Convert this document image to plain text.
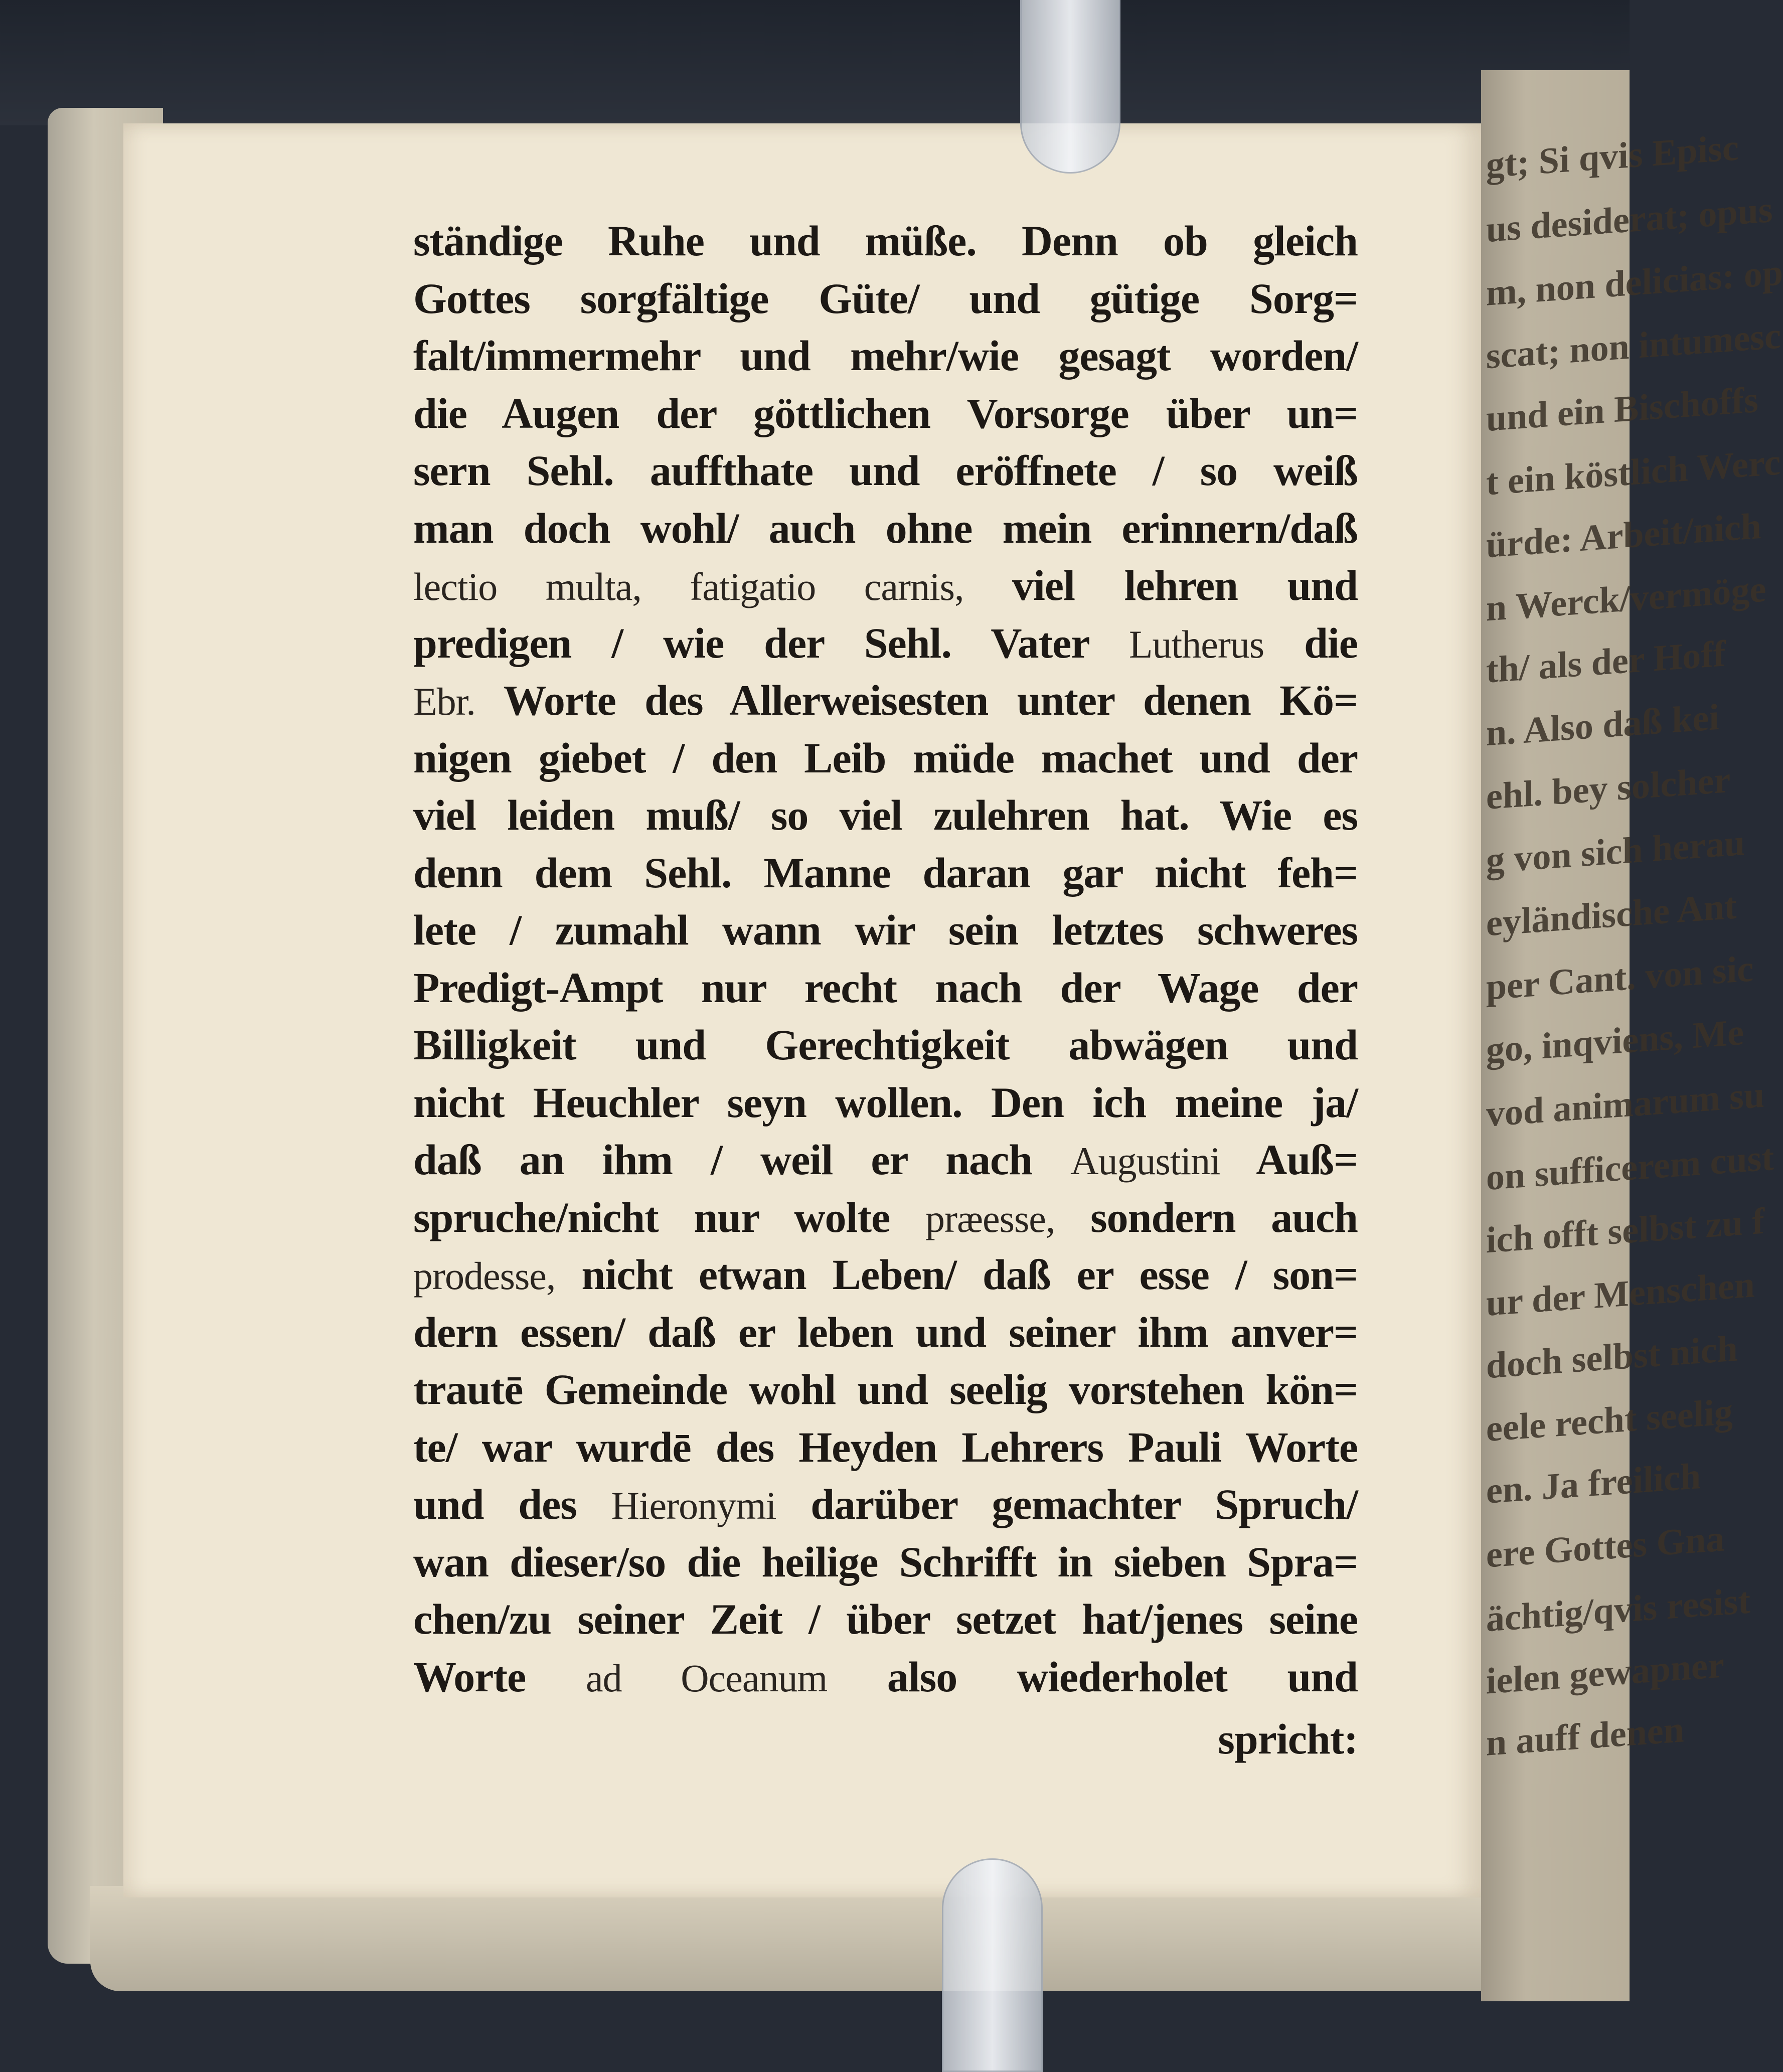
spricht:
ständige Ruhe und müße. Denn ob gleich
Gottes sorgfältige Güte/ und gütige Sorg=
falt/immermehr und mehr/wie gesagt worden/
die Augen der göttlichen Vorsorge über un=
sern Sehl. auffthate und eröffnete / so weiß
man doch wohl/ auch ohne mein erinnern/daß
lectio multa, fatigatio carnis, viel lehren und
predigen / wie der Sehl. Vater Lutherus die
Ebr. Worte des Allerweisesten unter denen Kö=
nigen giebet / den Leib müde machet und der
viel leiden muß/ so viel zulehren hat. Wie es
denn dem Sehl. Manne daran gar nicht feh=
lete / zumahl wann wir sein letztes schweres
Predigt-Ampt nur recht nach der Wage der
Billigkeit und Gerechtigkeit abwägen und
nicht Heuchler seyn wollen. Den ich meine ja/
daß an ihm / weil er nach Augustini Auß=
spruche/nicht nur wolte præesse, sondern auch
prodesse, nicht etwan Leben/ daß er esse / son=
dern essen/ daß er leben und seiner ihm anver=
trautē Gemeinde wohl und seelig vorstehen kön=
te/ war wurdē des Heyden Lehrers Pauli Worte
und des Hieronymi darüber gemachter Spruch/
wan dieser/so die heilige Schrifft in sieben Spra=
chen/zu seiner Zeit / über setzet hat/jenes seine
Worte ad Oceanum also wiederholet und
gt; Si qvis Episc
us desiderat; opus
m, non delicias: op
scat; non intumesc
und ein Bischoffs
t ein köstlich Werc
ürde: Arbeit/nich
n Werck/vermöge
th/ als der Hoff
n. Also daß kei
ehl. bey solcher
g von sich herau
eyländische Ant
per Cant. von sic
go, inqviens, Me
vod animarum su
on sufficerem cust
ich offt selbst zu f
ur der Menschen
doch selbst nich
eele recht seelig
en. Ja freilich
ere Gottes Gna
ächtig/qvis resist
ielen gewapner
n auff denen
